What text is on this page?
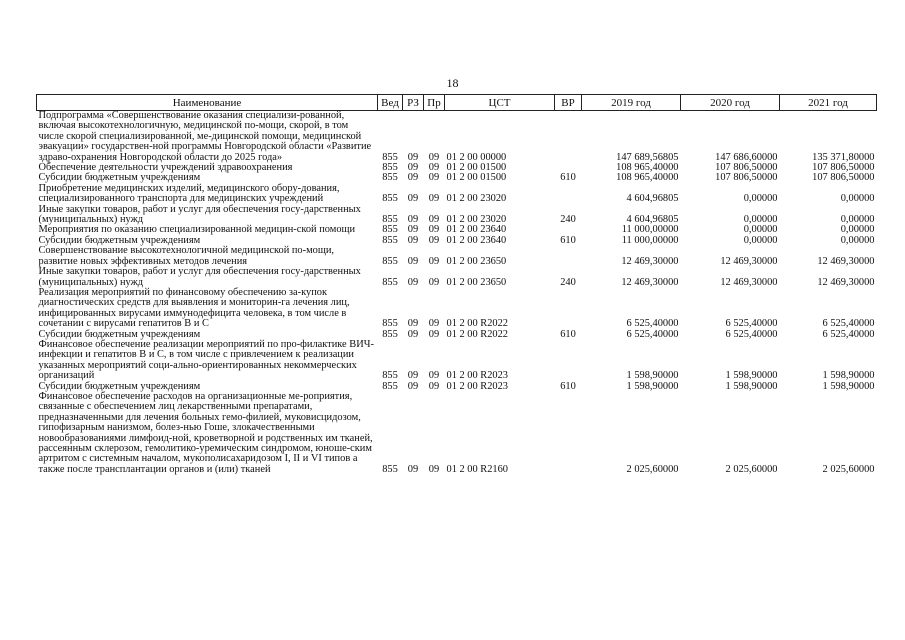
18
Наименование	Вед	РЗ	Пр	ЦСТ	ВР	2019 год	2020 год	2021 год
Подпрограмма «Совершенствование оказания специализи-рованной, включая высокотехнологичную, медицинской по-мощи, скорой, в том числе скорой специализированной, ме-дицинской помощи, медицинской эвакуации» государствен-ной программы Новгородской области «Развитие здраво-охранения Новгородской области до 2025 года»	855	09	09	01 2 00 00000		147 689,56805	147 686,60000	135 371,80000
Обеспечение деятельности учреждений здравоохранения	855	09	09	01 2 00 01500		108 965,40000	107 806,50000	107 806,50000
Субсидии бюджетным учреждениям	855	09	09	01 2 00 01500	610	108 965,40000	107 806,50000	107 806,50000
Приобретение медицинских изделий, медицинского обору-дования, специализированного транспорта для медицинских учреждений	855	09	09	01 2 00 23020		4 604,96805	0,00000	0,00000
Иные закупки товаров, работ и услуг для обеспечения госу-дарственных (муниципальных) нужд	855	09	09	01 2 00 23020	240	4 604,96805	0,00000	0,00000
Мероприятия по оказанию специализированной медицин-ской помощи	855	09	09	01 2 00 23640		11 000,00000	0,00000	0,00000
Субсидии бюджетным учреждениям	855	09	09	01 2 00 23640	610	11 000,00000	0,00000	0,00000
Совершенствование высокотехнологичной медицинской по-мощи, развитие новых эффективных методов лечения	855	09	09	01 2 00 23650		12 469,30000	12 469,30000	12 469,30000
Иные закупки товаров, работ и услуг для обеспечения госу-дарственных (муниципальных) нужд	855	09	09	01 2 00 23650	240	12 469,30000	12 469,30000	12 469,30000
Реализация мероприятий по финансовому обеспечению за-купок диагностических средств для выявления и мониторин-га лечения лиц, инфицированных вирусами иммунодефицита человека, в том числе в сочетании с вирусами гепатитов В и С	855	09	09	01 2 00 R2022		6 525,40000	6 525,40000	6 525,40000
Субсидии бюджетным учреждениям	855	09	09	01 2 00 R2022	610	6 525,40000	6 525,40000	6 525,40000
Финансовое обеспечение реализации мероприятий по про-филактике ВИЧ-инфекции и гепатитов В и С, в том числе с привлечением к реализации указанных мероприятий соци-ально-ориентированных некоммерческих организаций	855	09	09	01 2 00 R2023		1 598,90000	1 598,90000	1 598,90000
Субсидии бюджетным учреждениям	855	09	09	01 2 00 R2023	610	1 598,90000	1 598,90000	1 598,90000
Финансовое обеспечение расходов на организационные ме-роприятия, связанные с обеспечением лиц лекарственными препаратами, предназначенными для лечения больных гемо-филией, муковисцидозом, гипофизарным нанизмом, болез-нью Гоше, злокачественными новообразованиями лимфоид-ной, кроветворной и родственных им тканей, рассеянным склерозом, гемолитико-уремическим синдромом, юноше-ским артритом с системным началом, мукополисахаридозом I, II и VI типов а также после трансплантации органов и (или) тканей	855	09	09	01 2 00 R2160		2 025,60000	2 025,60000	2 025,60000
